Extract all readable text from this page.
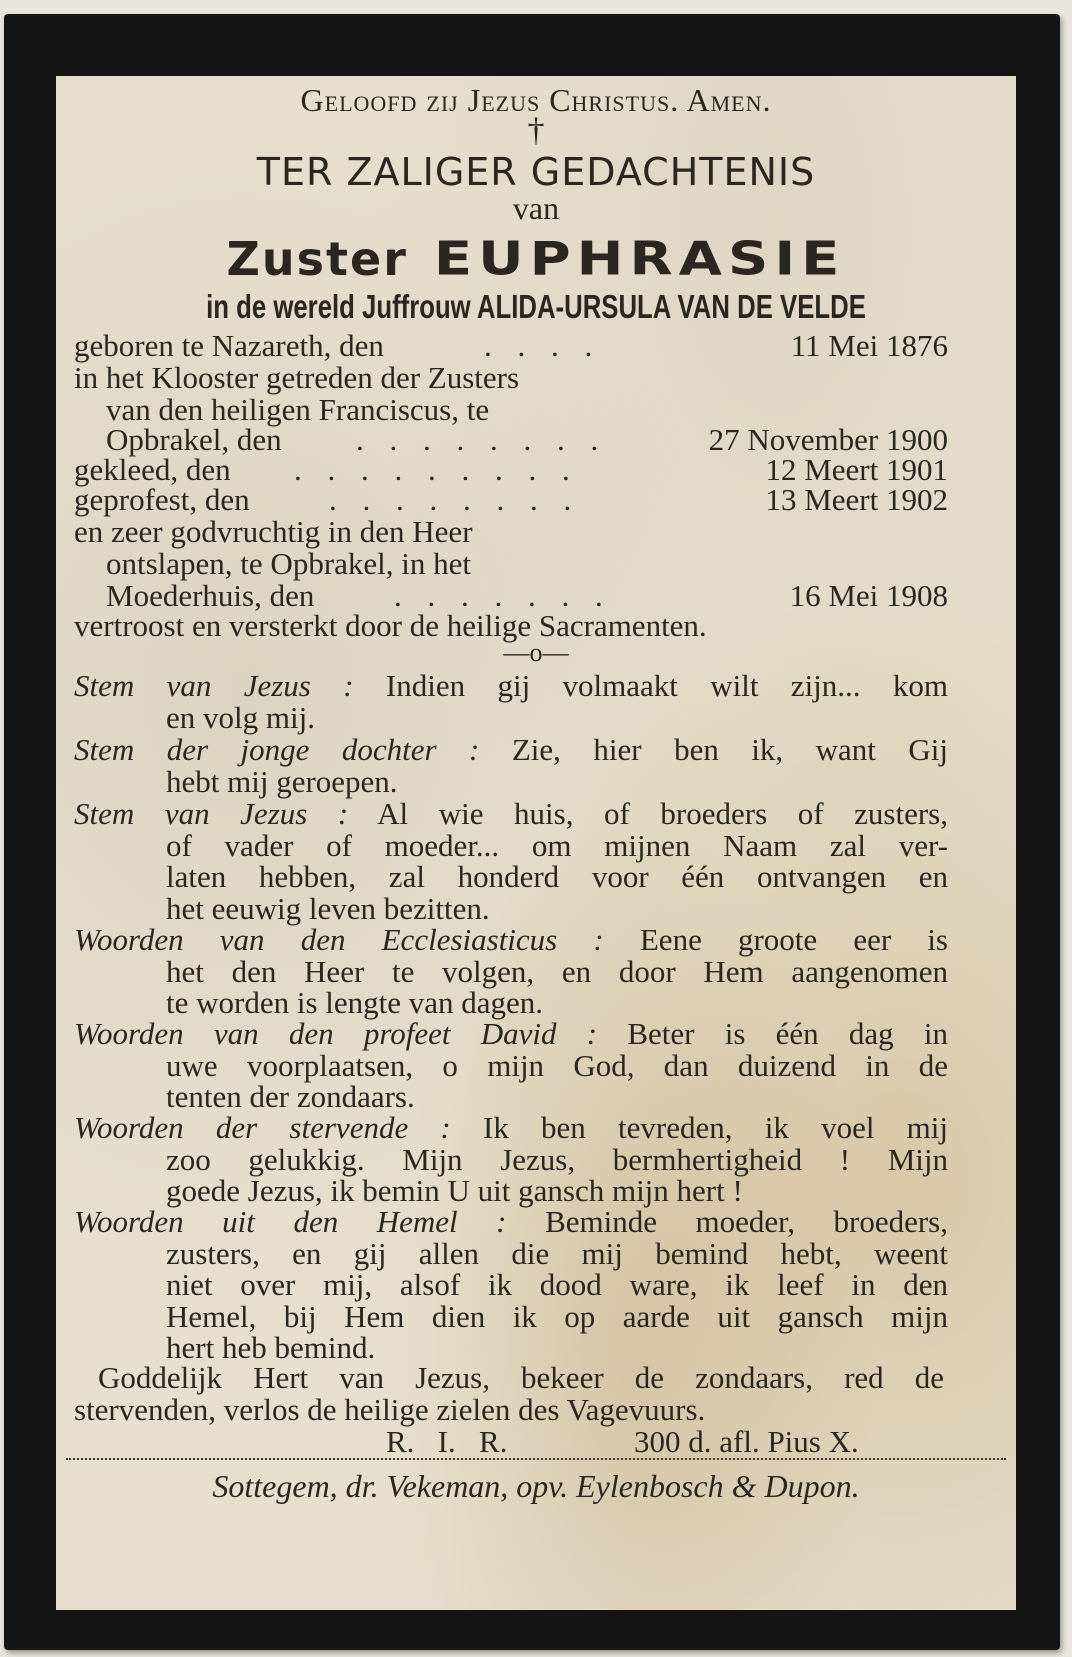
Geloofd zij Jezus Christus. Amen.
†
TER ZALIGER GEDACHTENIS
van
Zuster EUPHRASIE
in de wereld Juffrouw ALIDA-URSULA VAN DE VELDE
geboren te Nazareth, den	. . . .	11 Mei 1876
in het Klooster getreden der Zusters
van den heiligen Franciscus, te
Opbrakel, den . . . . . . . .	27 November 1900
gekleed, den . . . . . . . . .	12 Meert 1901
geprofest, den	. . . . . . . .	13 Meert 1902
en zeer godvruchtig in den Heer
ontslapen, te Opbrakel, in het
Moederhuis, den	. . . . . . .	16 Mei 1908
vertroost en versterkt door de heilige Sacramenten.
—o—
Stem van Jezus : Indien gij volmaakt wilt zijn... kom
en volg mij.
Stem der jonge dochter : Zie, hier ben ik, want Gij
hebt mij geroepen.
Stem van Jezus : Al wie huis, of broeders of zusters,
of vader of moeder... om mijnen Naam zal ver-
laten hebben, zal honderd voor één ontvangen en
het eeuwig leven bezitten.
Woorden van den Ecclesiasticus : Eene groote eer is
het den Heer te volgen, en door Hem aangenomen
te worden is lengte van dagen.
Woorden van den profeet David : Beter is één dag in
uwe voorplaatsen, o mijn God, dan duizend in de
tenten der zondaars.
Woorden der stervende : Ik ben tevreden, ik voel mij
zoo gelukkig. Mijn Jezus, bermhertigheid ! Mijn
goede Jezus, ik bemin U uit gansch mijn hert !
Woorden uit den Hemel : Beminde moeder, broeders,
zusters, en gij allen die mij bemind hebt, weent
niet over mij, alsof ik dood ware, ik leef in den
Hemel, bij Hem dien ik op aarde uit gansch mijn
hert heb bemind.
Goddelijk Hert van Jezus, bekeer de zondaars, red de
stervenden, verlos de heilige zielen des Vagevuurs.
R.   I.   R.	300 d. afl. Pius X.
Sottegem, dr. Vekeman, opv. Eylenbosch & Dupon.
